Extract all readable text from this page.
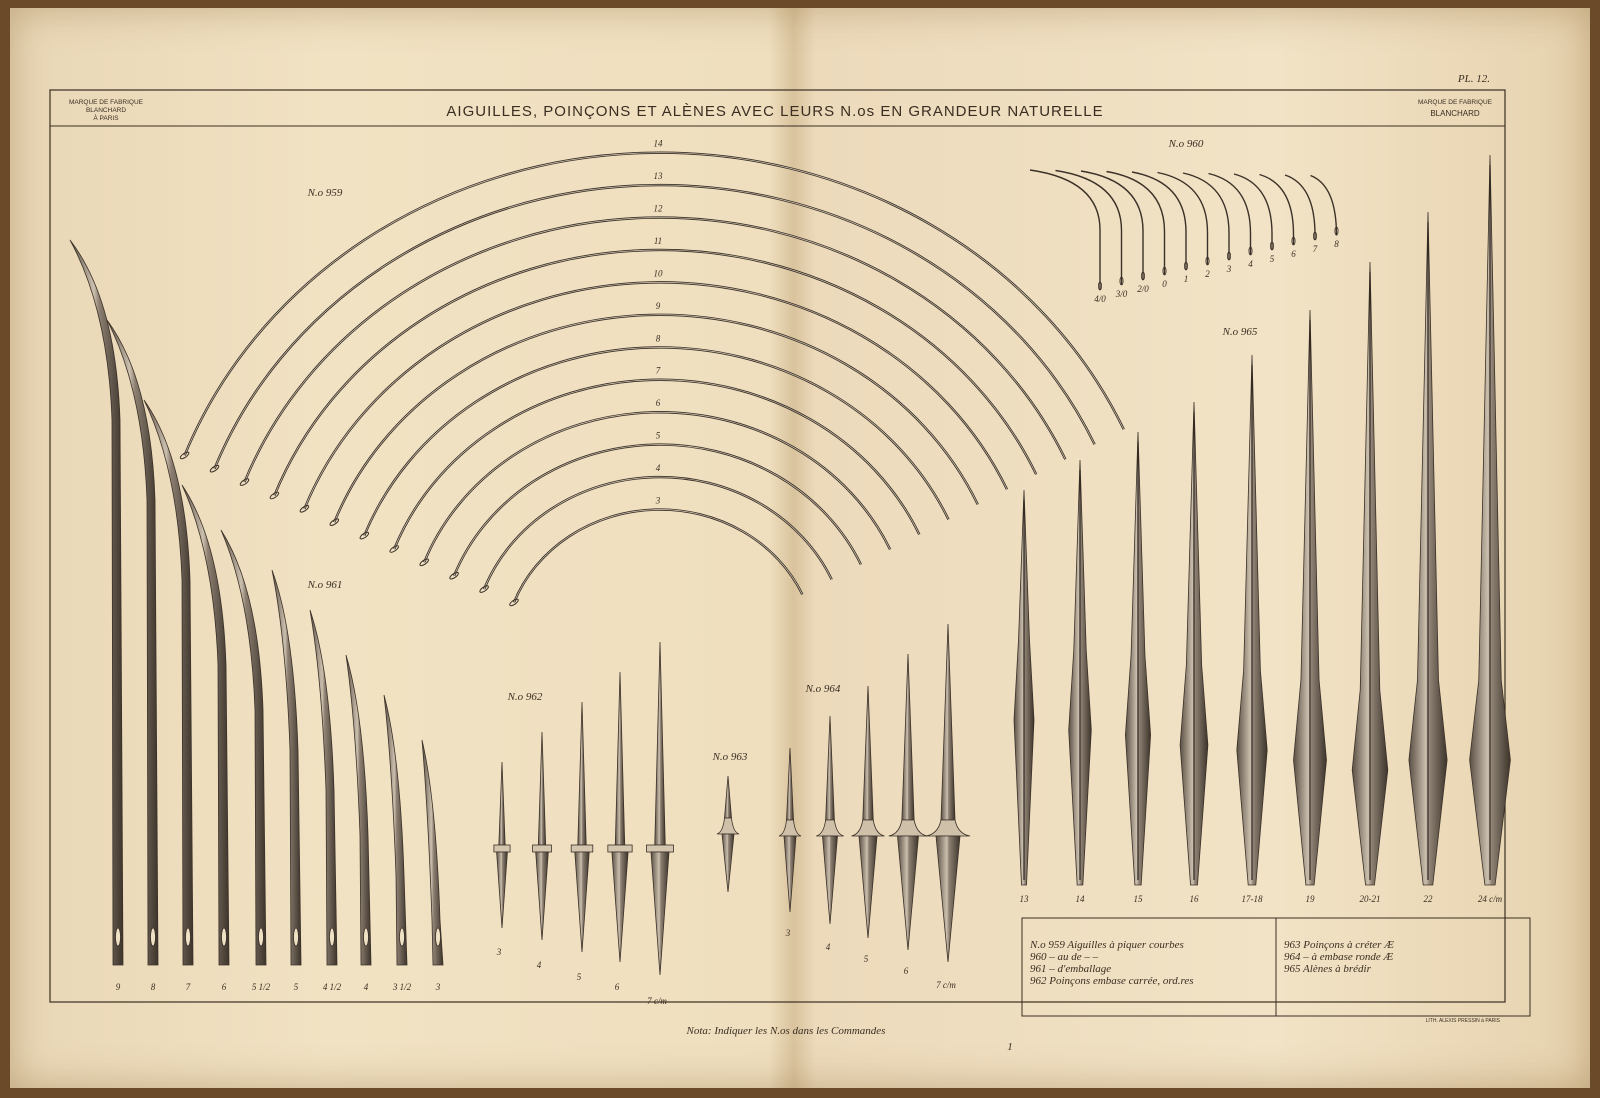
AIGUILLES, POINÇONS ET ALÈNES AVEC LEURS N.os EN GRANDEUR NATURELLE
PL. 12.
MARQUE DE FABRIQUE
BLANCHARD
À PARIS
MARQUE DE FABRIQUE
BLANCHARD
N.o 959
N.o 960
N.o 961
N.o 962
N.o 963
N.o 964
N.o 965
14
13
12
11
10
9
8
7
6
5
4
3
4/0 3/0 2/0 0 1 2 3 4 5 6 7 8
9	8	7	6	5 1/2	5	4 1/2	4	3 1/2	3
3
4
5
6
7 c/m
3
4
5
6
7 c/m
13	14	15	16	17-18	19	20-21	22	24 c/m
N.o 959 Aiguilles à piquer courbes
960 – au de – –
961 – d'emballage
962 Poinçons embase carrée, ord.res
963 Poinçons à créter Æ
964 – à embase ronde Æ
965 Alènes à brédir
Nota: Indiquer les N.os dans les Commandes
1
LITH. ALEXIS PRESSIN à PARIS
